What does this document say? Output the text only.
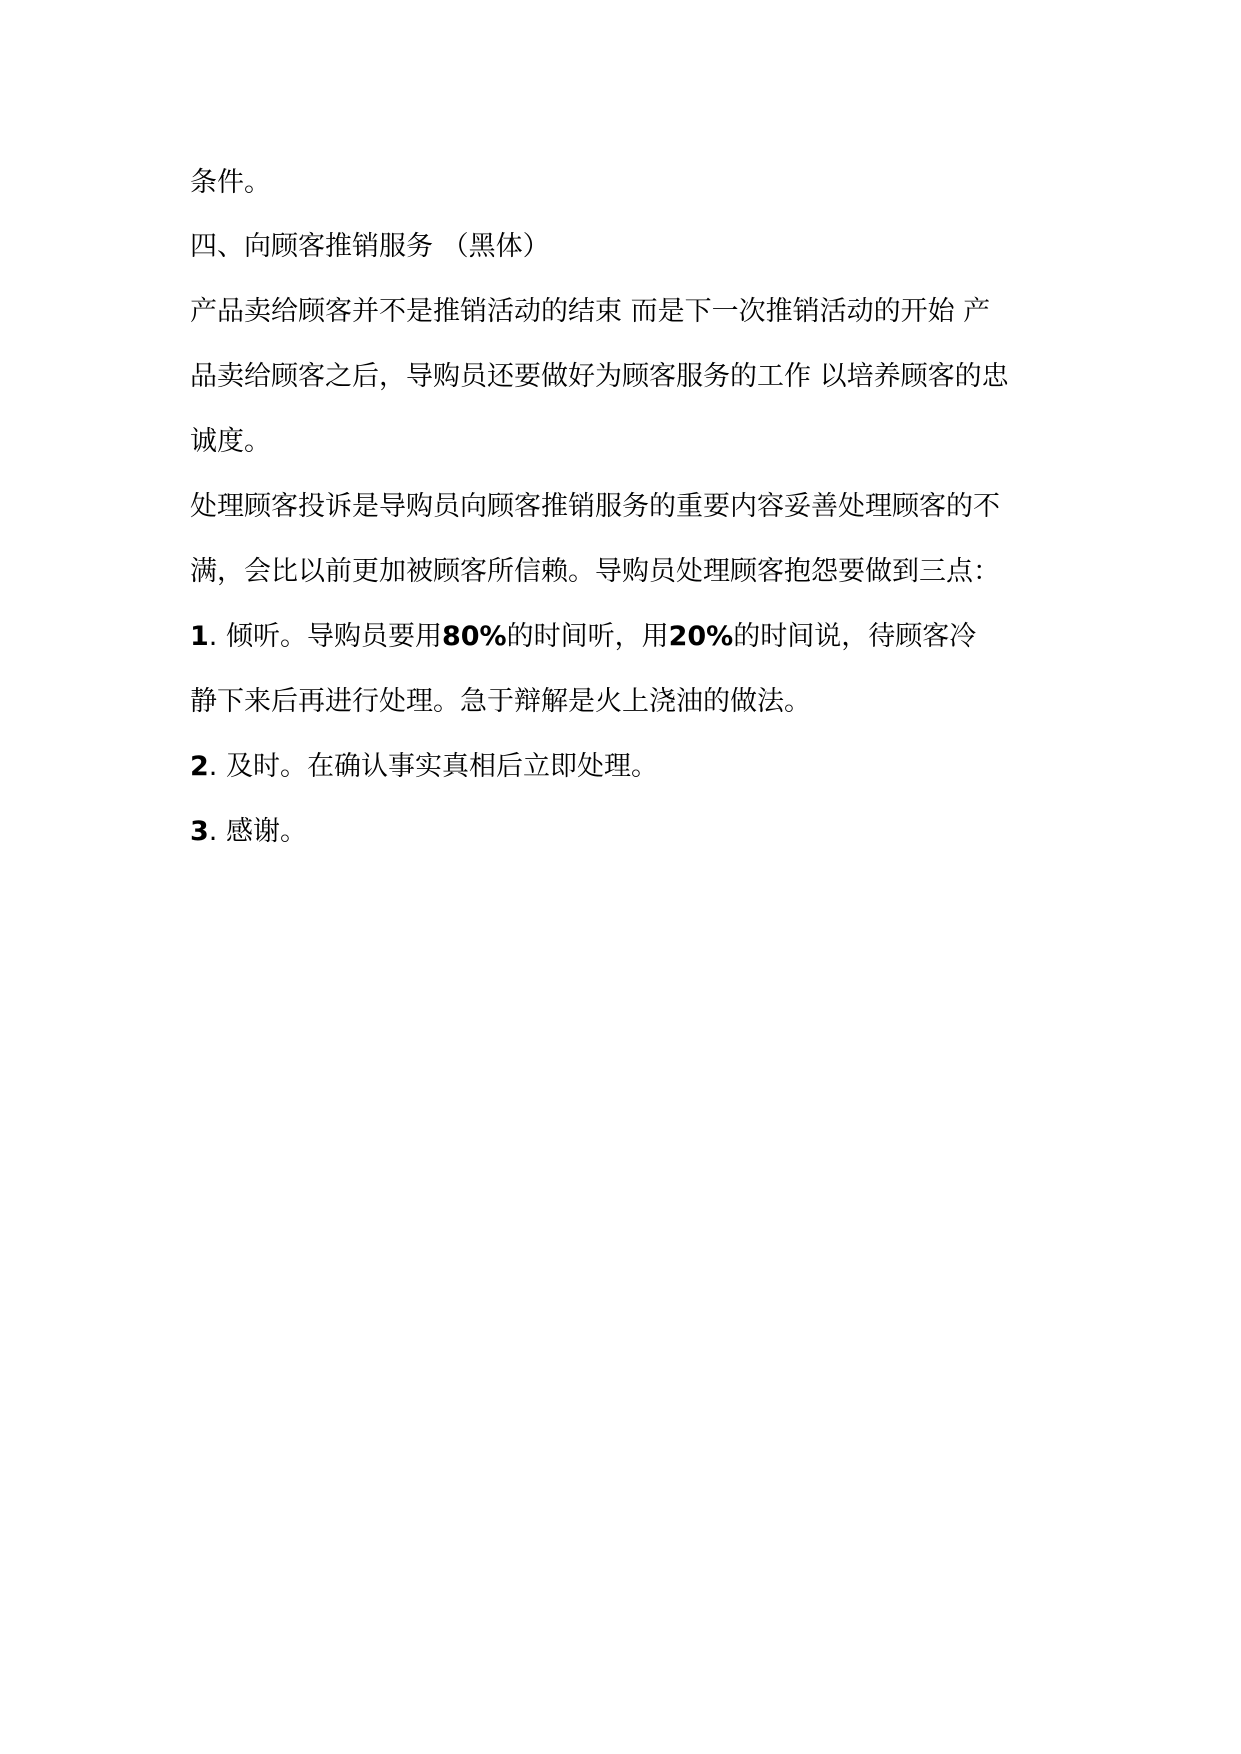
条件。
四、向顾客推销服务 （黑体）
产品卖给顾客并不是推销活动的结束 而是下一次推销活动的开始 产
品卖给顾客之后，导购员还要做好为顾客服务的工作 以培养顾客的忠
诚度。
处理顾客投诉是导购员向顾客推销服务的重要内容妥善处理顾客的不
满，会比以前更加被顾客所信赖。导购员处理顾客抱怨要做到三点：
1. 倾听。导购员要用80%的时间听，用20%的时间说，待顾客冷
静下来后再进行处理。急于辩解是火上浇油的做法。
2. 及时。在确认事实真相后立即处理。
3. 感谢。
